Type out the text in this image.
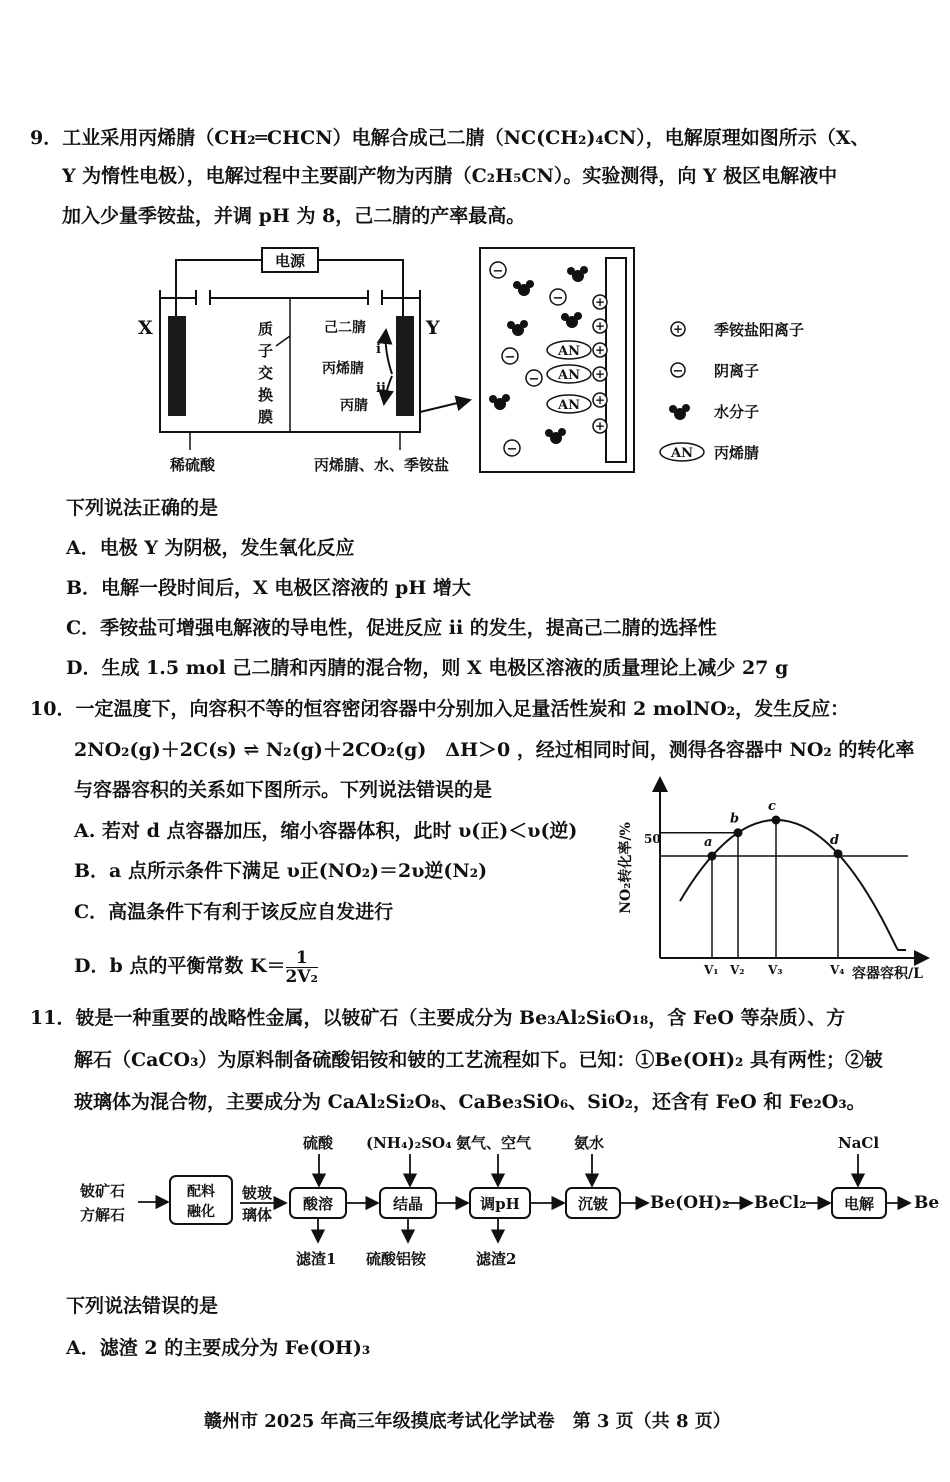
9．工业采用丙烯腈（CH₂═CHCN）电解合成己二腈（NC(CH₂)₄CN），电解原理如图所示（X、
Y 为惰性电极），电解过程中主要副产物为丙腈（C₂H₅CN）。实验测得，向 Y 极区电解液中
加入少量季铵盐，并调 pH 为 8，己二腈的产率最高。
电源
X	Y
质
子
交
换
膜
己二腈
丙烯腈
丙腈
i
ii
稀硫酸	丙烯腈、水、季铵盐
+
+
+
+
+
+
−
−
−
−
−
AN
AN
AN
+ 季铵盐阳离子
− 阴离子
水分子
AN 丙烯腈
下列说法正确的是
A．电极 Y 为阴极，发生氧化反应
B．电解一段时间后，X 电极区溶液的 pH 增大
C．季铵盐可增强电解液的导电性，促进反应 ii 的发生，提高己二腈的选择性
D．生成 1.5 mol 己二腈和丙腈的混合物，则 X 电极区溶液的质量理论上减少 27 g
10．一定温度下，向容积不等的恒容密闭容器中分别加入足量活性炭和 2 molNO₂，发生反应：
2NO₂(g)＋2C(s) ⇌ N₂(g)＋2CO₂(g)　ΔH＞0 ，经过相同时间，测得各容器中 NO₂ 的转化率
与容器容积的关系如下图所示。下列说法错误的是
A. 若对 d 点容器加压，缩小容器体积，此时 υ(正)＜υ(逆)
B．a 点所示条件下满足 υ正(NO₂)＝2υ逆(N₂)
C．高温条件下有利于该反应自发进行
D．b 点的平衡常数 $K= \frac{1}{\text{2V₂}}$
NO₂转化率/%
容器容积/L
50	a
b
c
d
V₁ V₂ V₃	V₄
11．铍是一种重要的战略性金属，以铍矿石（主要成分为 Be₃Al₂Si₆O₁₈，含 FeO 等杂质）、方
解石（CaCO₃）为原料制备硫酸铝铵和铍的工艺流程如下。已知：①Be(OH)₂ 具有两性；②铍
玻璃体为混合物，主要成分为 CaAl₂Si₂O₈、CaBe₃SiO₆、SiO₂，还含有 FeO 和 Fe₂O₃。
铍矿石
方解石
配料
融化
铍玻
璃体
硫酸 (NH₄)₂SO₄ 氨气、空气	氨水	NaCl
酸溶	结晶	调pH	沉铍	电解
Be(OH)₂ BeCl₂	Be
滤渣1 硫酸铝铵	滤渣2
下列说法错误的是
A．滤渣 2 的主要成分为 Fe(OH)₃
赣州市 2025 年高三年级摸底考试化学试卷　第 3 页（共 8 页）
